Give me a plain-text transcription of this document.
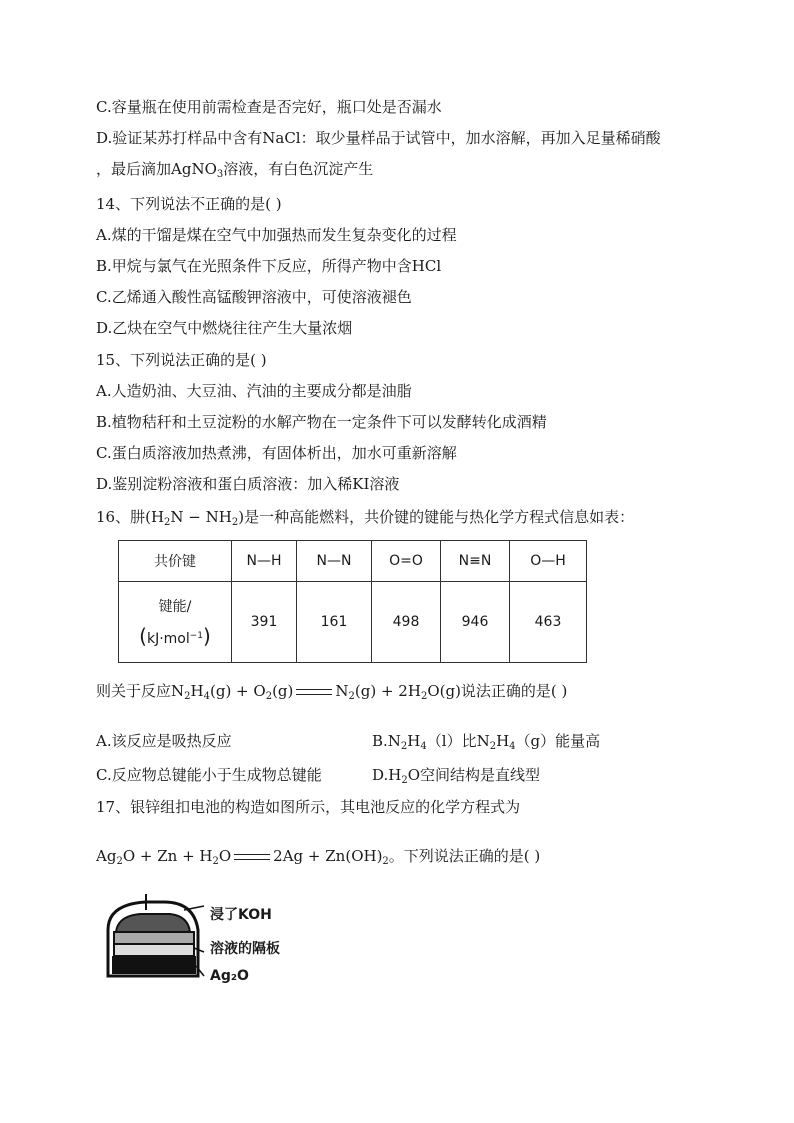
C.容量瓶在使用前需检查是否完好，瓶口处是否漏水
D.验证某苏打样品中含有NaCl：取少量样品于试管中，加水溶解，再加入足量稀硝酸
，最后滴加AgNO$_3$溶液，有白色沉淀产生
14、下列说法不正确的是( )
A.煤的干馏是煤在空气中加强热而发生复杂变化的过程
B.甲烷与氯气在光照条件下反应，所得产物中含HCl
C.乙烯通入酸性高锰酸钾溶液中，可使溶液褪色
D.乙炔在空气中燃烧往往产生大量浓烟
15、下列说法正确的是( )
A.人造奶油、大豆油、汽油的主要成分都是油脂
B.植物秸秆和土豆淀粉的水解产物在一定条件下可以发酵转化成酒精
C.蛋白质溶液加热煮沸，有固体析出，加水可重新溶解
D.鉴别淀粉溶液和蛋白质溶液：加入稀KI溶液
16、肼$(H_2N - NH_2)$是一种高能燃料，共价键的键能与热化学方程式信息如表：
共价键	N—H	N—N	O=O	N≡N	O—H

键能/
(kJ·mol$^{-1}$)	391	161	498	946	463
则关于反应$N_2H_4(g) + O_2(g)$	$N_2(g) + 2H_2O(g)$说法正确的是( )
A.该反应是吸热反应	$B.N_2H_4(l)$比$N_2H_4(g)$能量高
C.反应物总键能小于生成物总键能	$D.H_2O$空间结构是直线型
17、银锌组扣电池的构造如图所示，其电池反应的化学方程式为
$Ag_2O + Zn + H_2O$	$2Ag + Zn(OH)_2$。下列说法正确的是( )
浸了KOH
溶液的隔板
Ag₂O
